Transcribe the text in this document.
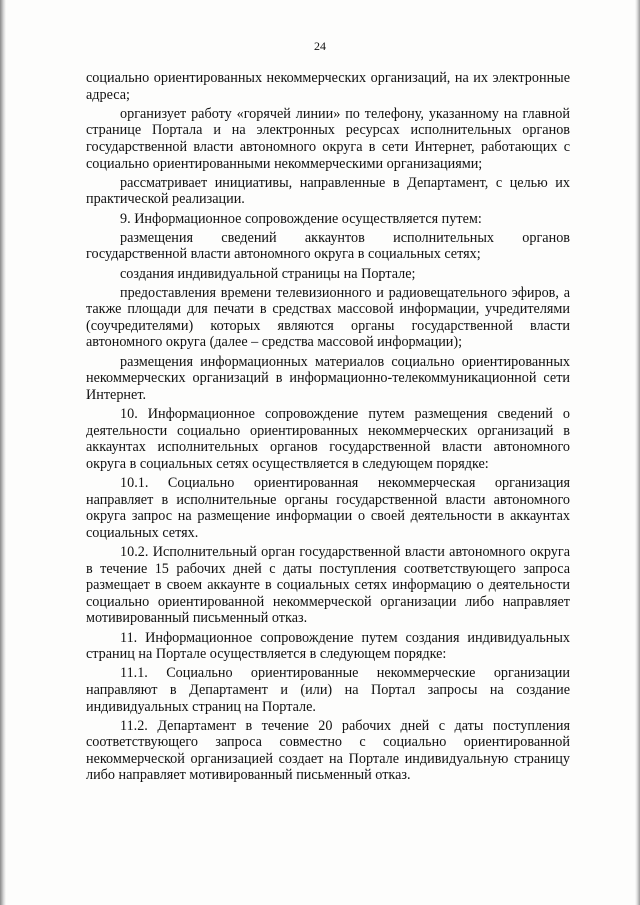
24

социально ориентированных некоммерческих организаций, на их электронные адреса;

организует работу «горячей линии» по телефону, указанному на главной странице Портала и на электронных ресурсах исполнительных органов государственной власти автономного округа в сети Интернет, работающих с социально ориентированными некоммерческими организациями;

рассматривает инициативы, направленные в Департамент, с целью их практической реализации.

9. Информационное сопровождение осуществляется путем:

размещения сведений аккаунтов исполнительных органов государственной власти автономного округа в социальных сетях;

создания индивидуальной страницы на Портале;

предоставления времени телевизионного и радиовещательного эфиров, а также площади для печати в средствах массовой информации, учредителями (соучредителями) которых являются органы государственной власти автономного округа (далее – средства массовой информации);

размещения информационных материалов социально ориентированных некоммерческих организаций в информационно-телекоммуникационной сети Интернет.

10. Информационное сопровождение путем размещения сведений о деятельности социально ориентированных некоммерческих организаций в аккаунтах исполнительных органов государственной власти автономного округа в социальных сетях осуществляется в следующем порядке:

10.1. Социально ориентированная некоммерческая организация направляет в исполнительные органы государственной власти автономного округа запрос на размещение информации о своей деятельности в аккаунтах социальных сетях.

10.2. Исполнительный орган государственной власти автономного округа в течение 15 рабочих дней с даты поступления соответствующего запроса размещает в своем аккаунте в социальных сетях информацию о деятельности социально ориентированной некоммерческой организации либо направляет мотивированный письменный отказ.

11. Информационное сопровождение путем создания индивидуальных страниц на Портале осуществляется в следующем порядке:

11.1. Социально ориентированные некоммерческие организации направляют в Департамент и (или) на Портал запросы на создание индивидуальных страниц на Портале.

11.2. Департамент в течение 20 рабочих дней с даты поступления соответствующего запроса совместно с социально ориентированной некоммерческой организацией создает на Портале индивидуальную страницу либо направляет мотивированный письменный отказ.
